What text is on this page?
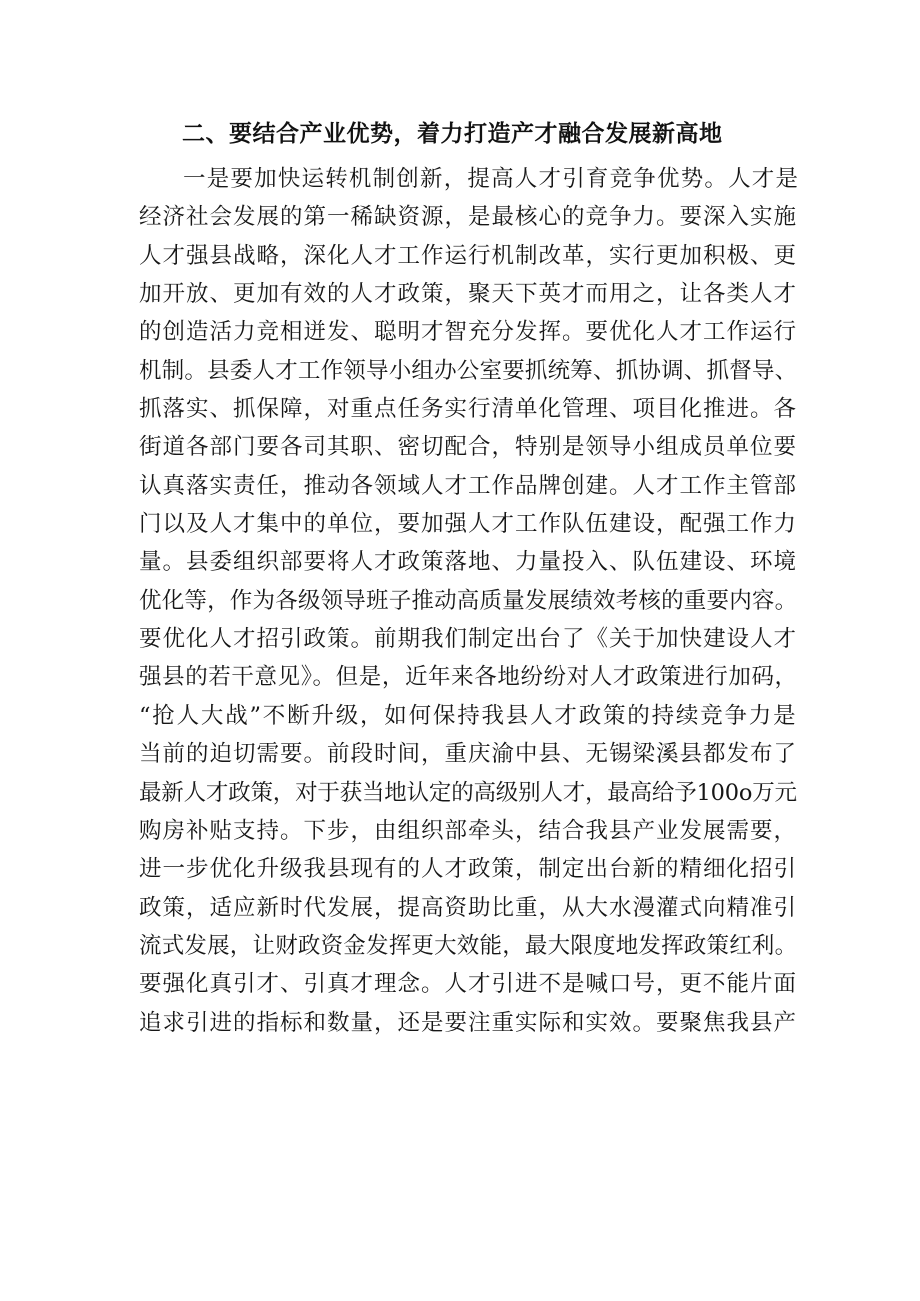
二、要结合产业优势，着力打造产才融合发展新高地
一是要加快运转机制创新，提高人才引育竞争优势。人才是
经济社会发展的第一稀缺资源，是最核心的竞争力。要深入实施
人才强县战略，深化人才工作运行机制改革，实行更加积极、更
加开放、更加有效的人才政策，聚天下英才而用之，让各类人才
的创造活力竞相迸发、聪明才智充分发挥。要优化人才工作运行
机制。县委人才工作领导小组办公室要抓统筹、抓协调、抓督导、
抓落实、抓保障，对重点任务实行清单化管理、项目化推进。各
街道各部门要各司其职、密切配合，特别是领导小组成员单位要
认真落实责任，推动各领域人才工作品牌创建。人才工作主管部
门以及人才集中的单位，要加强人才工作队伍建设，配强工作力
量。县委组织部要将人才政策落地、力量投入、队伍建设、环境
优化等，作为各级领导班子推动高质量发展绩效考核的重要内容。
要优化人才招引政策。前期我们制定出台了《关于加快建设人才
强县的若干意见》。但是，近年来各地纷纷对人才政策进行加码，
“抢人大战”不断升级，如何保持我县人才政策的持续竞争力是
当前的迫切需要。前段时间，重庆渝中县、无锡梁溪县都发布了
最新人才政策，对于获当地认定的高级别人才，最高给予100o万元
购房补贴支持。下步，由组织部牵头，结合我县产业发展需要，
进一步优化升级我县现有的人才政策，制定出台新的精细化招引
政策，适应新时代发展，提高资助比重，从大水漫灌式向精准引
流式发展，让财政资金发挥更大效能，最大限度地发挥政策红利。
要强化真引才、引真才理念。人才引进不是喊口号，更不能片面
追求引进的指标和数量，还是要注重实际和实效。要聚焦我县产
